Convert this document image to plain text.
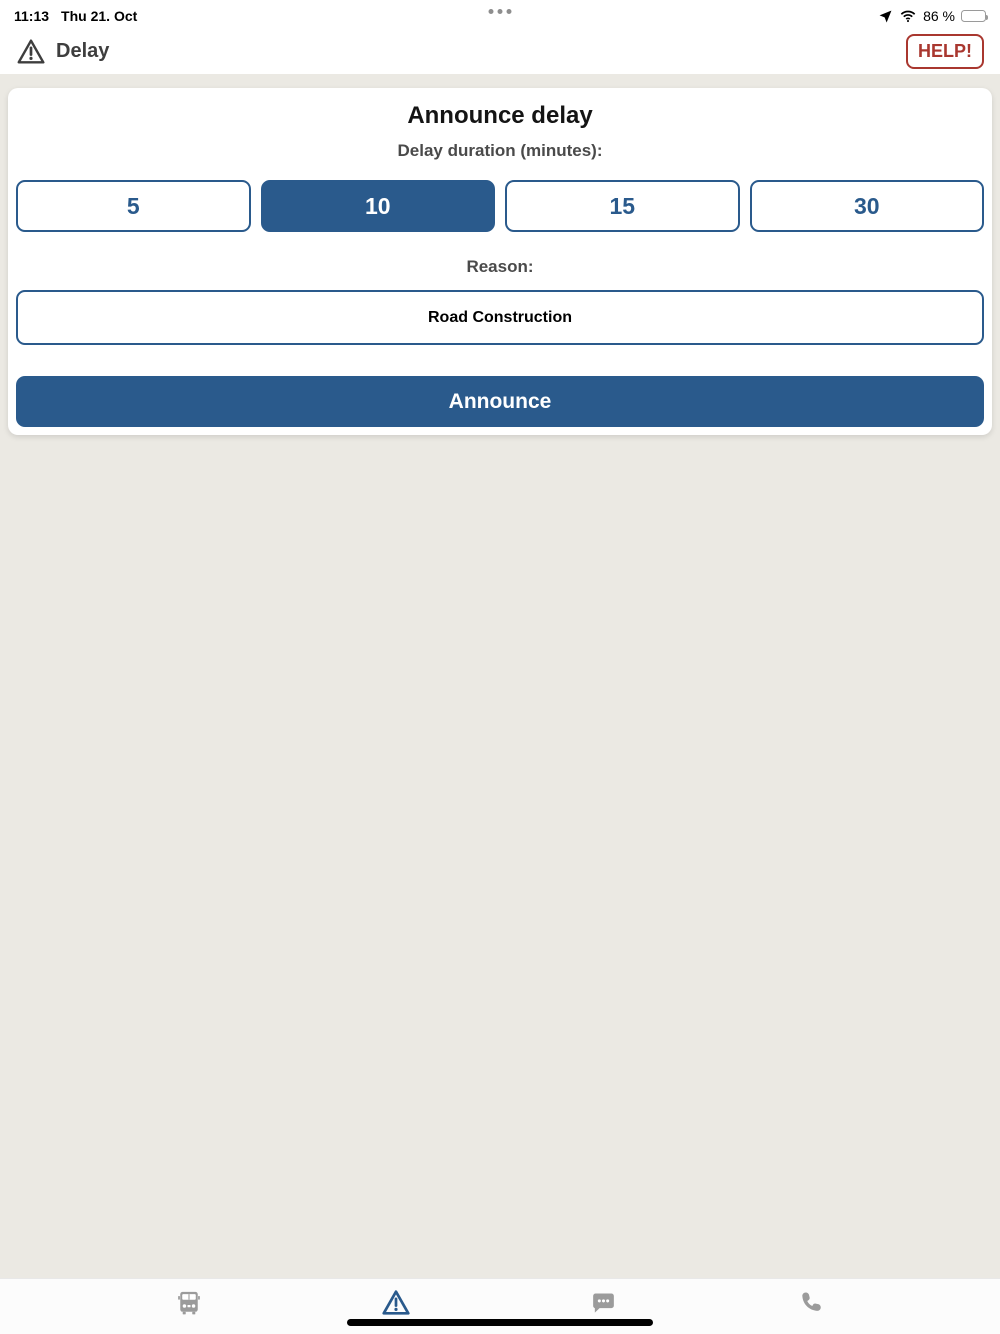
11:13 Thu 21. Oct	86 %
Delay	HELP!
Announce delay
Delay duration (minutes):
5	10	15	30
Reason:
Road Construction
Announce
